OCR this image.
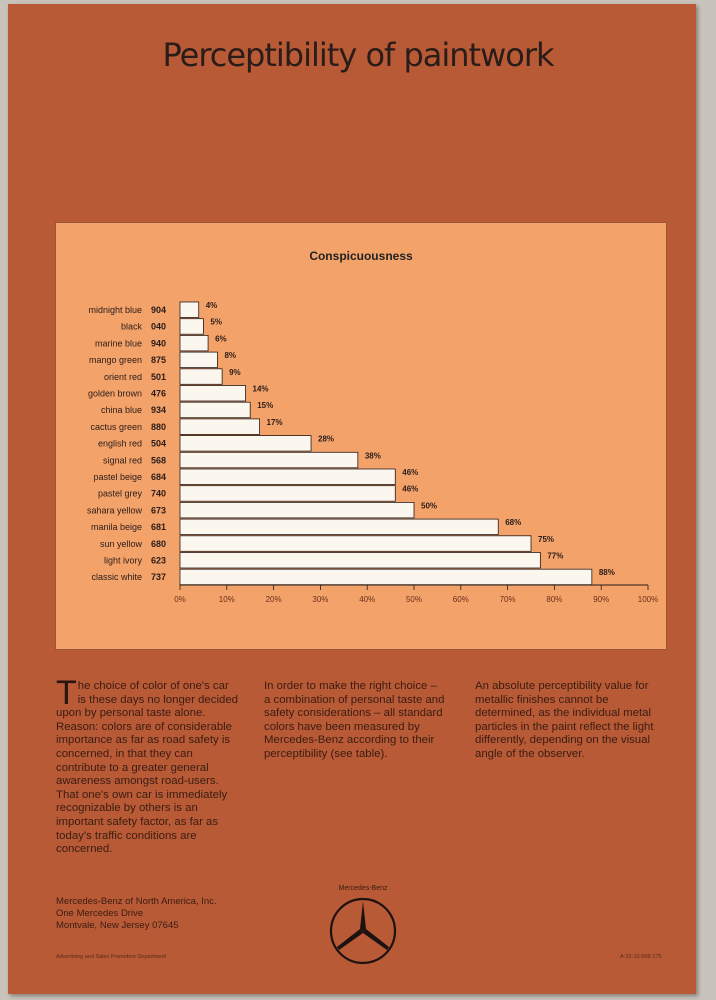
Perceptibility of paintwork
Conspicuousness
midnight blue 904	4%
black 040	5%
marine blue 940	6%
mango green 875	8%
orient red 501	9%
golden brown 476	14%
china blue 934	15%
cactus green 880	17%
english red 504	28%
signal red 568	38%
pastel beige 684	46%
pastel grey 740	46%
sahara yellow 673	50%
manila beige 681	68%
sun yellow 680	75%
light ivory 623	77%
classic white 737	88%
0%	10%	20%	30%	40%	50%	60%	70%	80%	90%	100%
The choice of color of one's car is these days no longer decided upon by personal taste alone. Reason: colors are of considerable importance as far as road safety is concerned, in that they can contribute to a greater general awareness amongst road-users. That one's own car is immediately recognizable by others is an important safety factor, as far as today's traffic conditions are concerned.
In order to make the right choice – a combination of personal taste and safety considerations – all standard colors have been measured by Mercedes-Benz according to their perceptibility (see table).
An absolute perceptibility value for metallic finishes cannot be determined, as the individual metal particles in the paint reflect the light differently, depending on the visual angle of the observer.
Mercedes-Benz of North America, Inc.
One Mercedes Drive
Montvale, New Jersey 07645
Mercedes-Benz
Advertising and Sales Promotion Department	A-32-10-008-175
